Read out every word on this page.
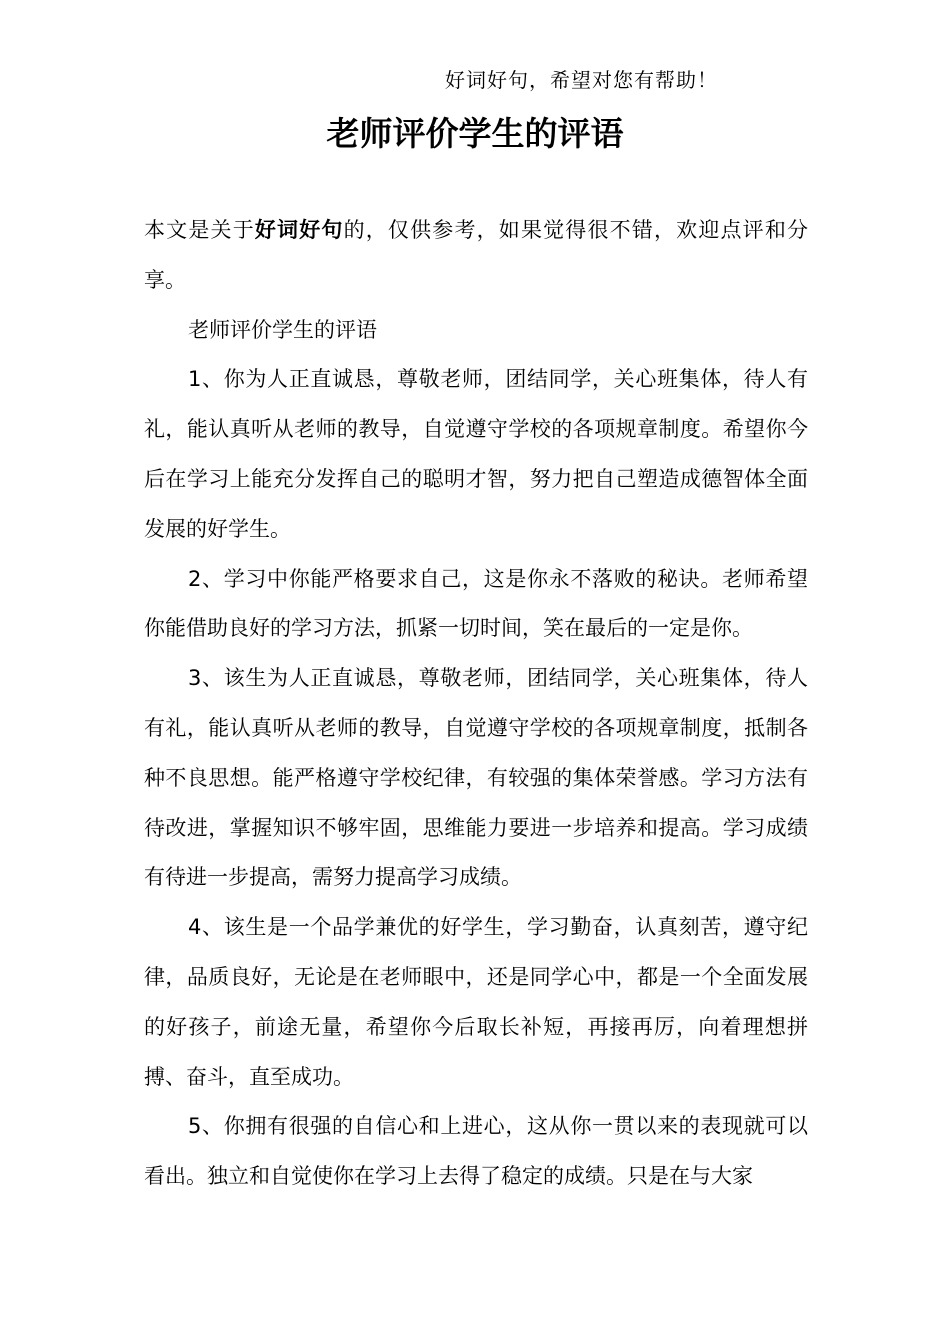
好词好句，希望对您有帮助！
老师评价学生的评语

本文是关于好词好句的，仅供参考，如果觉得很不错，欢迎点评和分享。

老师评价学生的评语

1、你为人正直诚恳，尊敬老师，团结同学，关心班集体，待人有礼，能认真听从老师的教导，自觉遵守学校的各项规章制度。希望你今后在学习上能充分发挥自己的聪明才智，努力把自己塑造成德智体全面发展的好学生。

2、学习中你能严格要求自己，这是你永不落败的秘诀。老师希望你能借助良好的学习方法，抓紧一切时间，笑在最后的一定是你。

3、该生为人正直诚恳，尊敬老师，团结同学，关心班集体，待人有礼，能认真听从老师的教导，自觉遵守学校的各项规章制度，抵制各种不良思想。能严格遵守学校纪律，有较强的集体荣誉感。学习方法有待改进，掌握知识不够牢固，思维能力要进一步培养和提高。学习成绩有待进一步提高，需努力提高学习成绩。

4、该生是一个品学兼优的好学生，学习勤奋，认真刻苦，遵守纪律，品质良好，无论是在老师眼中，还是同学心中，都是一个全面发展的好孩子，前途无量，希望你今后取长补短，再接再厉，向着理想拼搏、奋斗，直至成功。

5、你拥有很强的自信心和上进心，这从你一贯以来的表现就可以看出。独立和自觉使你在学习上去得了稳定的成绩。只是在与大家
